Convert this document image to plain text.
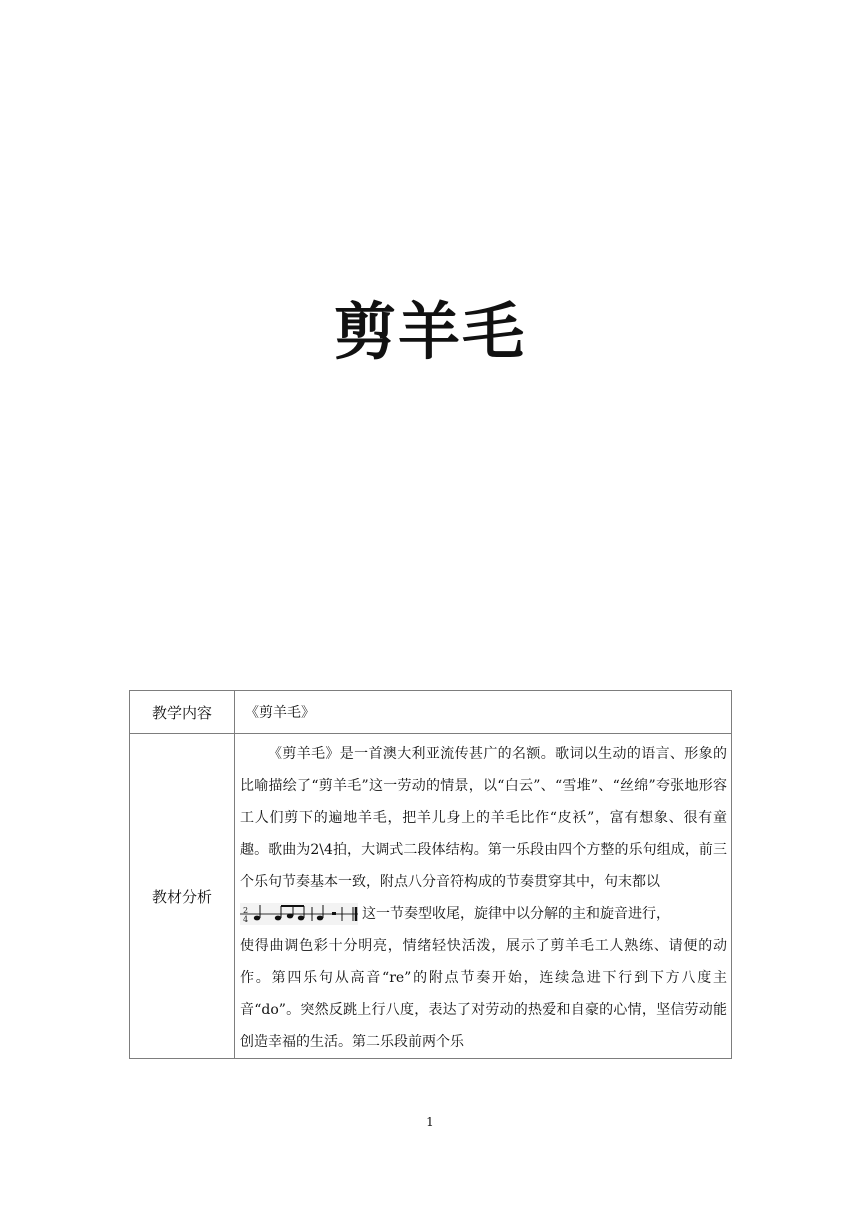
剪羊毛
教学内容	《剪羊毛》
教材分析	《剪羊毛》是一首澳大利亚流传甚广的名额。歌词以生动的语言、形象的比喻描绘了“剪羊毛”这一劳动的情景，以“白云”、“雪堆”、“丝绵”夸张地形容工人们剪下的遍地羊毛，把羊儿身上的羊毛比作“皮袄”，富有想象、很有童趣。歌曲为2\4拍，大调式二段体结构。第一乐段由四个方整的乐句组成，前三个乐句节奏基本一致，附点八分音符构成的节奏贯穿其中，句末都以

2
4 这一节奏型收尾，旋律中以分解的主和旋音进行，

使得曲调色彩十分明亮，情绪轻快活泼，展示了剪羊毛工人熟练、请便的动作。第四乐句从高音“re”的附点节奏开始，连续急进下行到下方八度主音“do”。突然反跳上行八度，表达了对劳动的热爱和自豪的心情，坚信劳动能创造幸福的生活。第二乐段前两个乐

1
